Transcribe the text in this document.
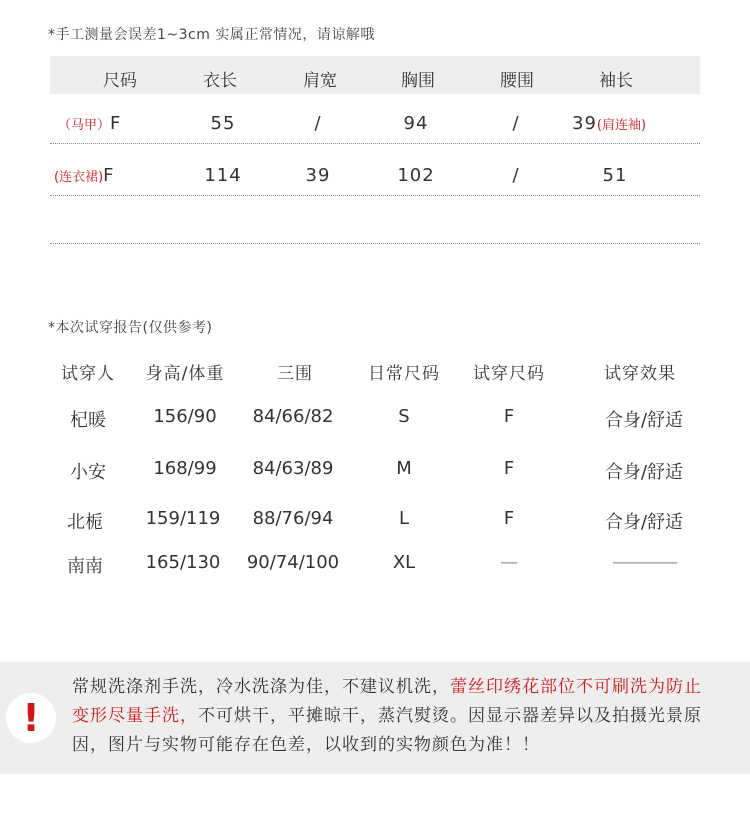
*手工测量会误差1~3cm 实属正常情况，请谅解哦
尺码	衣长	肩宽	胸围	腰围	袖长
（马甲）F	55	/	94	/	39(肩连袖)
(连衣裙)F	114	39	102	/	51
*本次试穿报告(仅供参考)
试穿人	身高/体重	三围	日常尺码	试穿尺码	试穿效果
杞暖	156/90	84/66/82	S	F	合身/舒适
小安	168/99	84/63/89	M	F	合身/舒适
北栀	159/119	88/76/94	L	F	合身/舒适
南南	165/130	90/74/100	XL	—	————
!
常规洗涤剂手洗，冷水洗涤为佳，不建议机洗，蕾丝印绣花部位不可刷洗为防止变形尽量手洗，不可烘干，平摊晾干，蒸汽熨烫。因显示器差异以及拍摄光景原因，图片与实物可能存在色差，以收到的实物颜色为准！！
